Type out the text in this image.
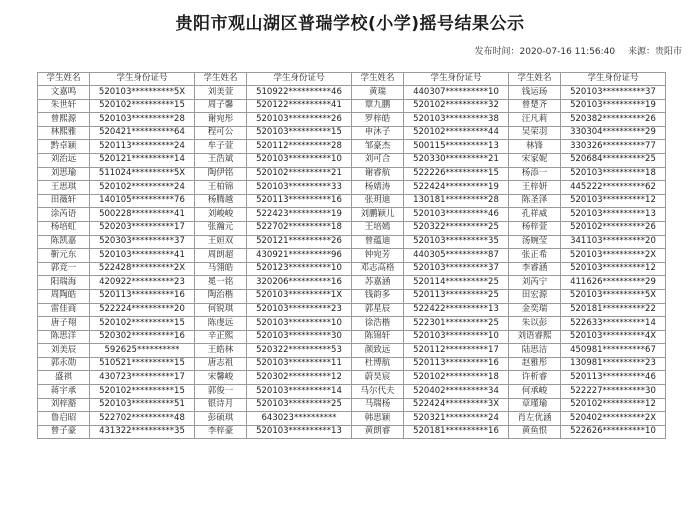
贵阳市观山湖区普瑞学校(小学)摇号结果公示
发布时间：2020-07-16 11:56:40 来源：贵阳市
学生姓名	学生身份证号	学生姓名	学生身份证号	学生姓名	学生身份证号	学生姓名	学生身份证号
文嘉鸣	520103**********5X	刘美萱	510922**********46	黄瑞	440307**********10	钱运玚	520103**********37
朱世轩	520102**********15	周子馨	520122**********41	覃九鹏	520102**********32	曾楚齐	520103**********19
曾熙源	520103**********28	谢宛彤	520103**********26	罗梓皓	520103**********38	汪凡莉	520382**********26
林熙雅	520421**********64	程可公	520103**********15	申沐子	520102**********44	吴荣羽	330304**********29
黔卓颖	520113**********24	牟子萱	520112**********28	邹豪杰	500115**********13	林锋	330326**********77
刘治远	520121**********14	王浩斌	520103**********10	刘可合	520330**********21	宋家妮	520684**********25
刘思瑜	511024**********5X	陶伊铭	520102**********21	谢睿航	522226**********15	杨添一	520103**********18
王思琪	520102**********24	王柏锦	520103**********33	杨婧涛	522424**********19	王梓妍	445222**********62
田薇轩	140105**********76	杨腾越	520113**********16	张玥迪	130181**********28	陈圣泽	520103**********12
涂芮语	500228**********41	刘峻峻	522423**********19	刘鹏颖儿	520103**********46	孔祥威	520103**********13
杨培虹	520203**********17	张瀚元	522702**********18	王培嫣	520322**********25	杨梓萱	520102**********26
陈凯嘉	520303**********37	王姮双	520121**********26	曾蕴迪	520103**********35	汤婉莹	341103**********20
靳元东	520103**********41	周朗超	430921**********96	钟宛芳	440305**********87	张正希	520103**********2X
郭竞一	522428**********2X	马翎皓	520123**********10	邓志高格	520103**********37	李睿涵	520103**********12
阳瑞海	420922**********23	冕一铭	320206**********16	苏嘉涵	520114**********25	刘芮宁	411626**********29
周陶皓	520113**********16	陶治楷	520103**********1X	钱韵多	520113**********25	田宏源	520103**********5X
雷佳商	522224**********20	何锐琪	520103**********23	郭星辰	522422**********13	金奕瑞	520181**********22
唐子翔	520102**********15	陈虔远	520103**********10	徐浩楷	522301**********25	朱以彭	522633**********14
陈思洋	520302**********16	辛正熙	520103**********30	陈锦轩	520103**********10	刘语睿熙	520103**********4X
刘美辰	592625**********	王皓林	520322**********53	颜致远	520112**********17	陆思洁	450981**********67
郭永勋	510521**********15	唐志祖	520103**********11	杜博航	520113**********16	赵雅彤	130981**********23
盛祺	430723**********17	宋馨峻	520302**********12	蔚昊宸	520102**********18	许析睿	520113**********46
蒋宇承	520102**********15	郭俊一	520103**********14	马尔代夫	520402**********34	何承峻	522227**********30
刘梓豁	520103**********51	银诗月	520103**********25	马瑞杨	522424**********3X	章瑾瑜	520102**********12
鲁启昭	522702**********48	彭硕琪	643023**********	韩思颖	520321**********24	肖左优涵	520402**********2X
曾子豪	431322**********35	李梓豪	520103**********13	黄朗睿	520181**********16	黄鱼恨	522626**********10
